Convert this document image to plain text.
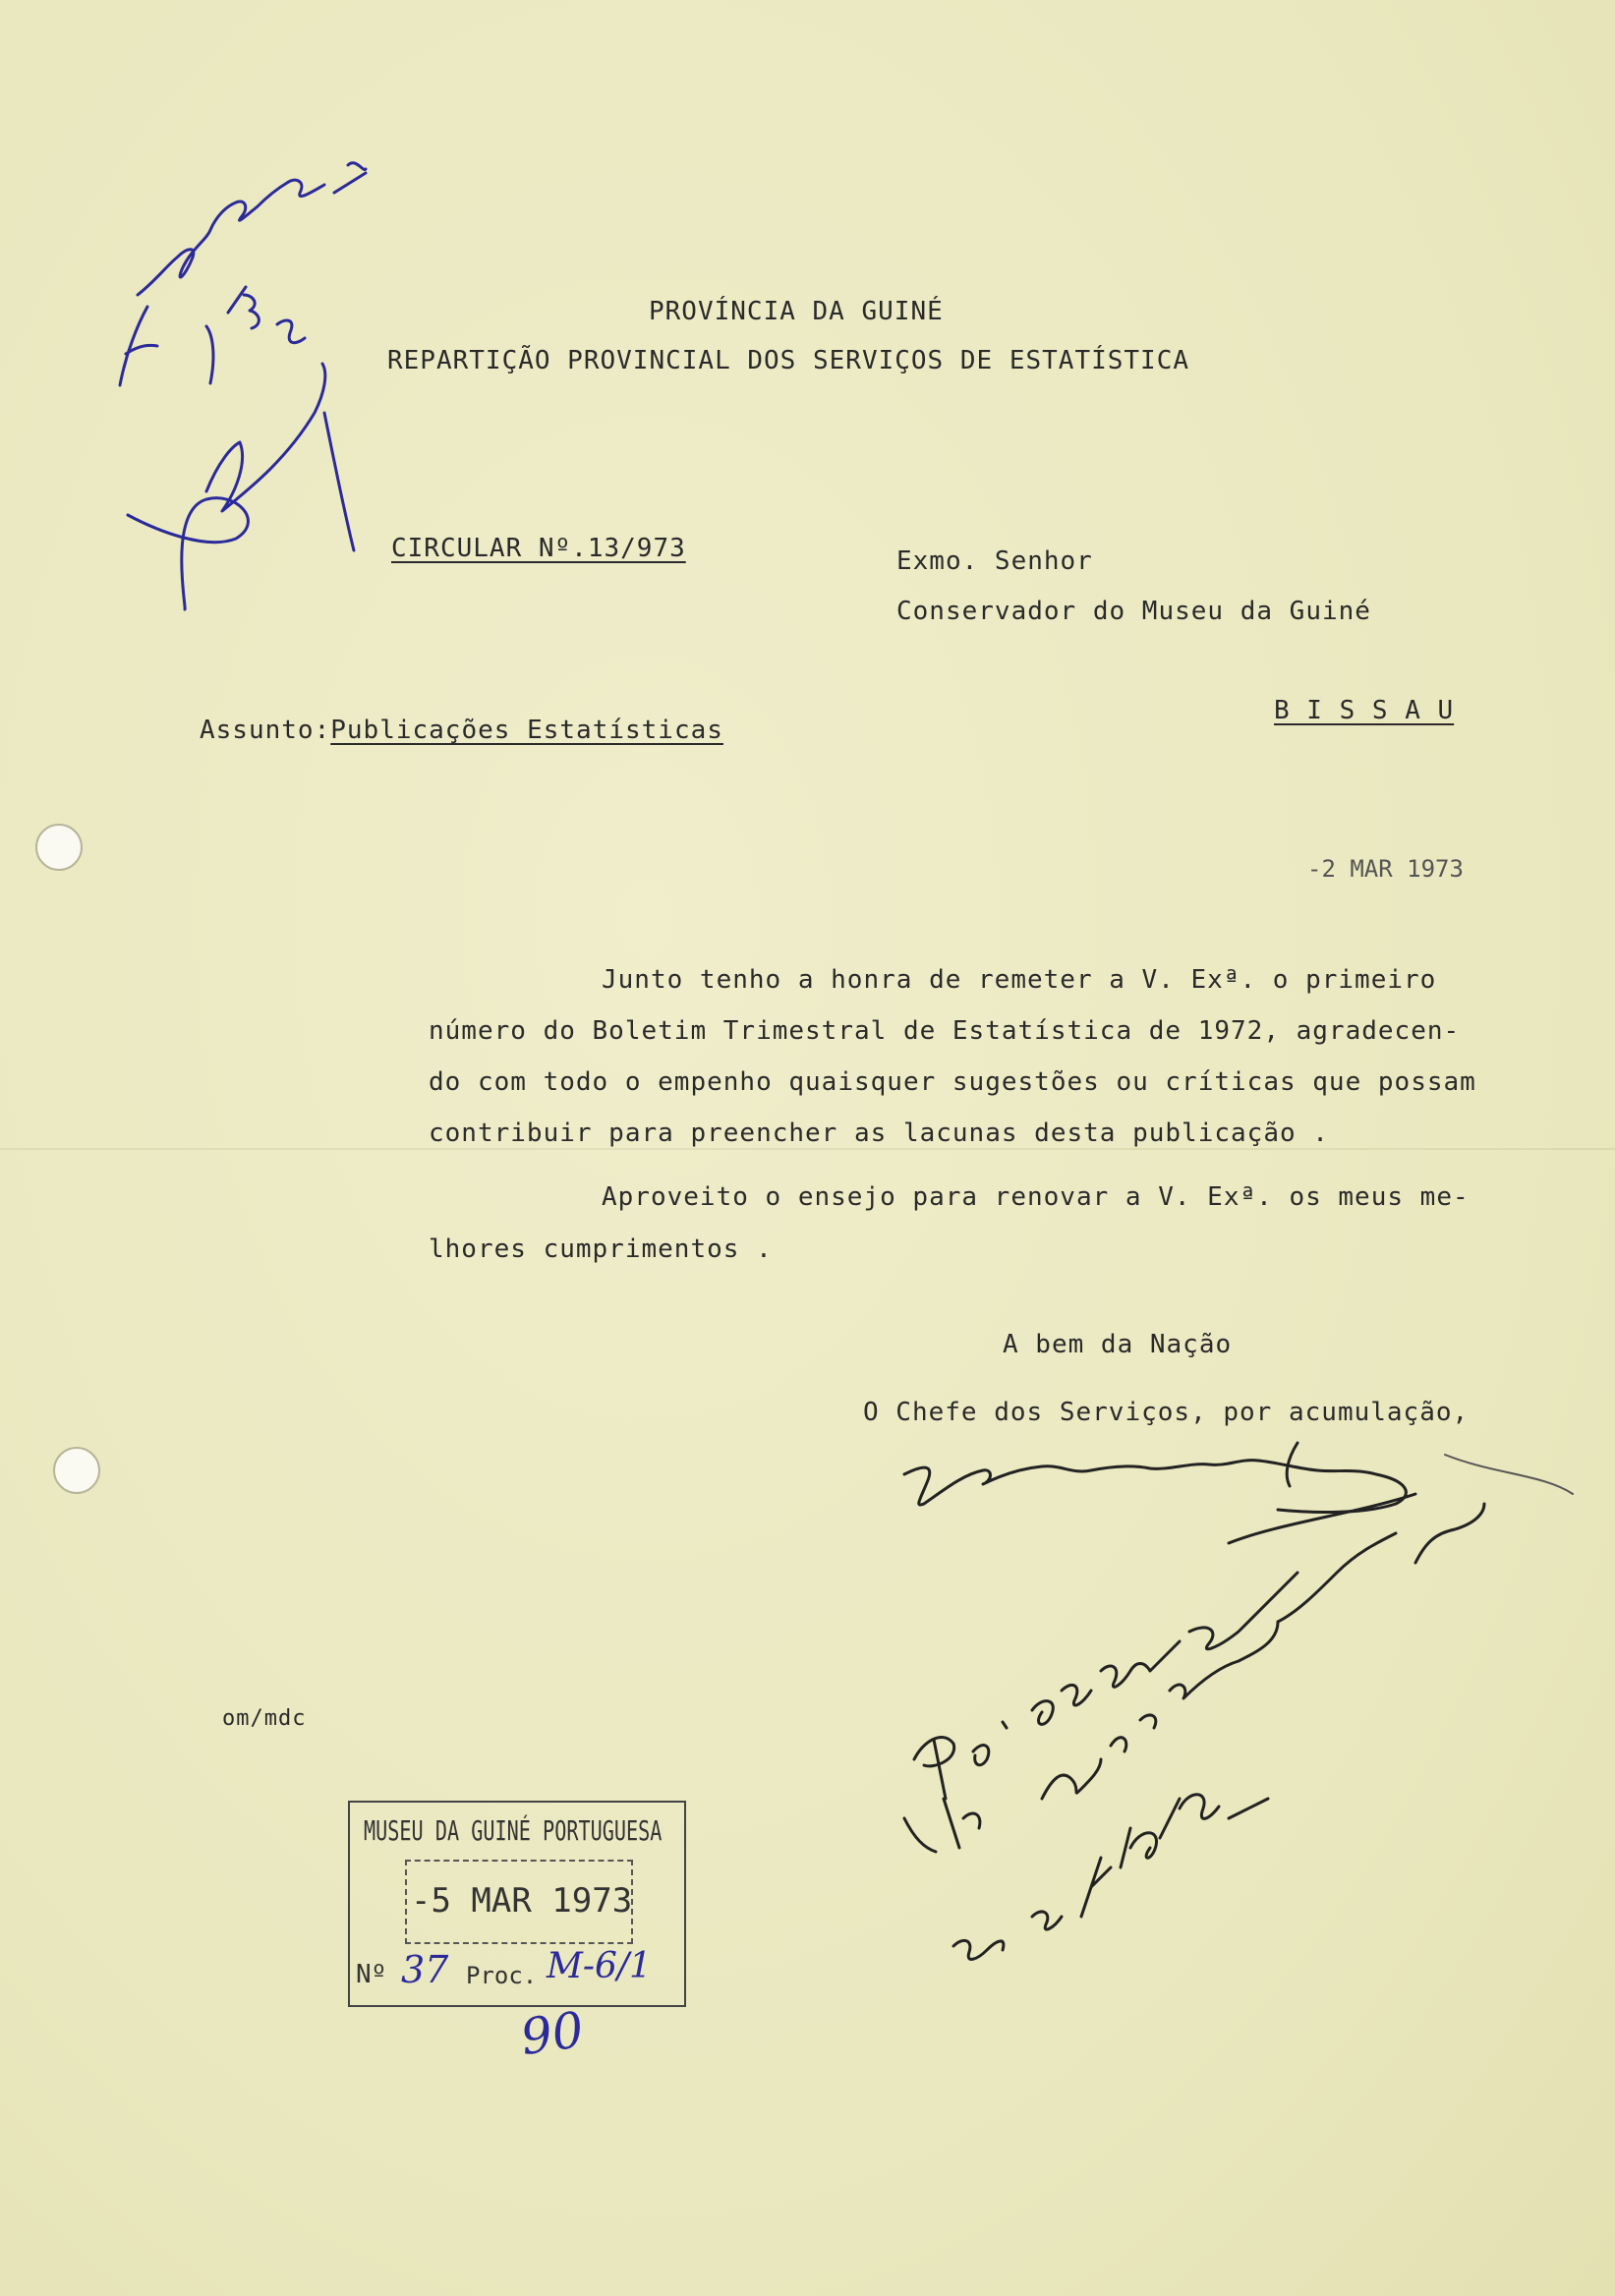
PROVÍNCIA DA GUINÉ
REPARTIÇÃO PROVINCIAL DOS SERVIÇOS DE ESTATÍSTICA
CIRCULAR Nº.13/973	Exmo. Senhor
Conservador do Museu da Guiné
B I S S A U
Assunto:Publicações Estatísticas
-2 MAR 1973
Junto tenho a honra de remeter a V. Exª. o primeiro
número do Boletim Trimestral de Estatística de 1972, agradecen-
do com todo o empenho quaisquer sugestões ou críticas que possam
contribuir para preencher as lacunas desta publicação .
Aproveito o ensejo para renovar a V. Exª. os meus me-
lhores cumprimentos .
A bem da Nação
O Chefe dos Serviços, por acumulação,
om/mdc
MUSEU DA GUINÉ PORTUGUESA
-5 MAR 1973
Nº 37 Proc. M-6/1
90
